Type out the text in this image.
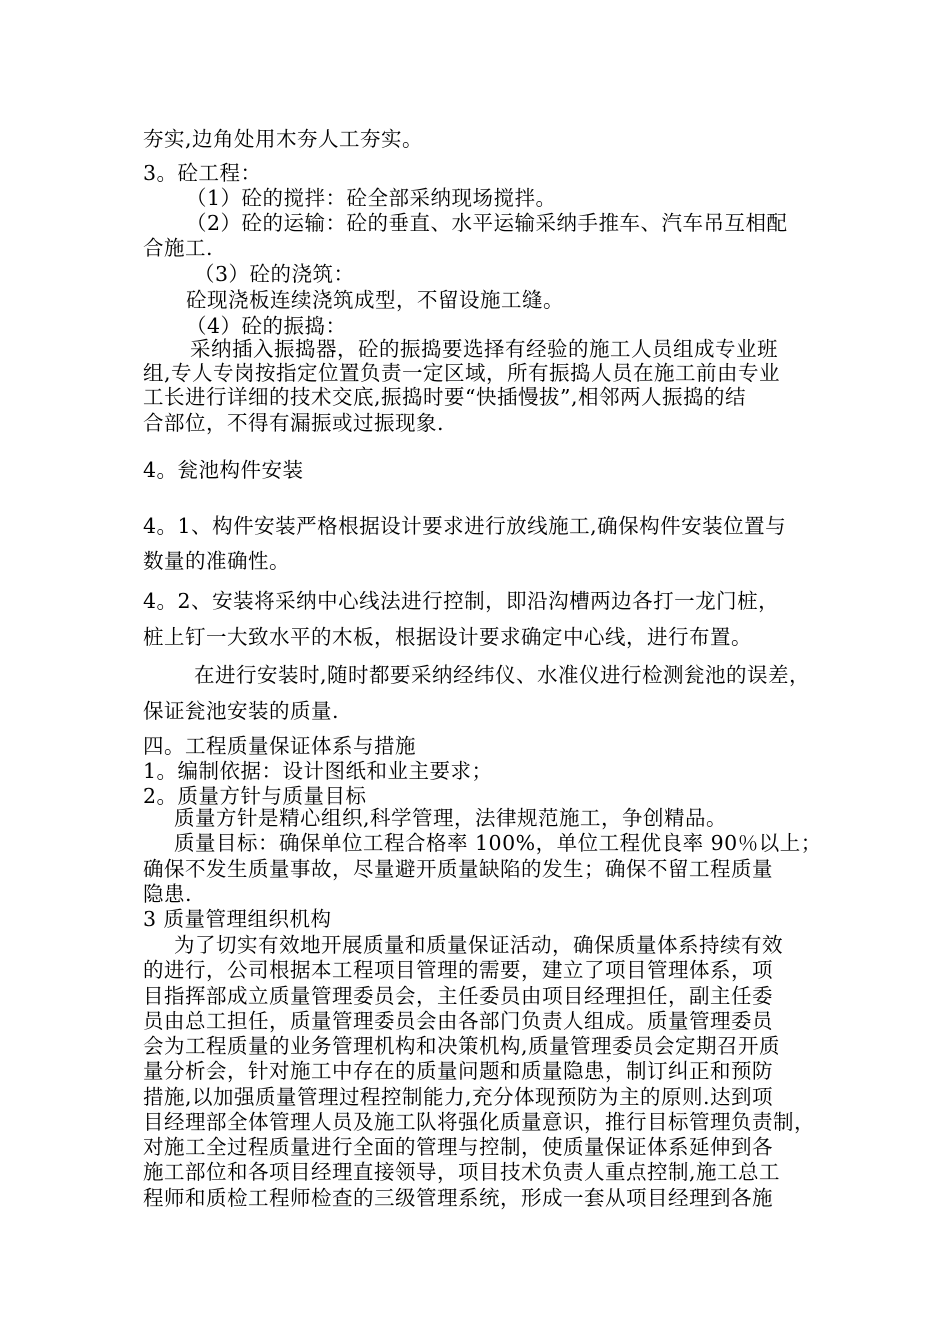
夯实,边角处用木夯人工夯实。
3。砼工程：
（1）砼的搅拌：砼全部采纳现场搅拌。
（2）砼的运输：砼的垂直、水平运输采纳手推车、汽车吊互相配
合施工.
（3）砼的浇筑：
砼现浇板连续浇筑成型，不留设施工缝。
（4）砼的振捣：
采纳插入振捣器，砼的振捣要选择有经验的施工人员组成专业班
组,专人专岗按指定位置负责一定区域，所有振捣人员在施工前由专业
工长进行详细的技术交底,振捣时要“快插慢拔”,相邻两人振捣的结
合部位，不得有漏振或过振现象.
4。瓮池构件安装
4。1、构件安装严格根据设计要求进行放线施工,确保构件安装位置与
数量的准确性。
4。2、安装将采纳中心线法进行控制，即沿沟槽两边各打一龙门桩，
桩上钉一大致水平的木板，根据设计要求确定中心线，进行布置。
在进行安装时,随时都要采纳经纬仪、水准仪进行检测瓮池的误差，
保证瓮池安装的质量.
四。工程质量保证体系与措施
1。编制依据：设计图纸和业主要求；
2。质量方针与质量目标
质量方针是精心组织,科学管理，法律规范施工，争创精品。
质量目标：确保单位工程合格率 100%，单位工程优良率 90％以上；
确保不发生质量事故，尽量避开质量缺陷的发生；确保不留工程质量
隐患.
3 质量管理组织机构
为了切实有效地开展质量和质量保证活动，确保质量体系持续有效
的进行，公司根据本工程项目管理的需要，建立了项目管理体系，项
目指挥部成立质量管理委员会，主任委员由项目经理担任，副主任委
员由总工担任，质量管理委员会由各部门负责人组成。质量管理委员
会为工程质量的业务管理机构和决策机构,质量管理委员会定期召开质
量分析会，针对施工中存在的质量问题和质量隐患，制订纠正和预防
措施,以加强质量管理过程控制能力,充分体现预防为主的原则.达到项
目经理部全体管理人员及施工队将强化质量意识，推行目标管理负责制，
对施工全过程质量进行全面的管理与控制，使质量保证体系延伸到各
施工部位和各项目经理直接领导，项目技术负责人重点控制,施工总工
程师和质检工程师检查的三级管理系统，形成一套从项目经理到各施
